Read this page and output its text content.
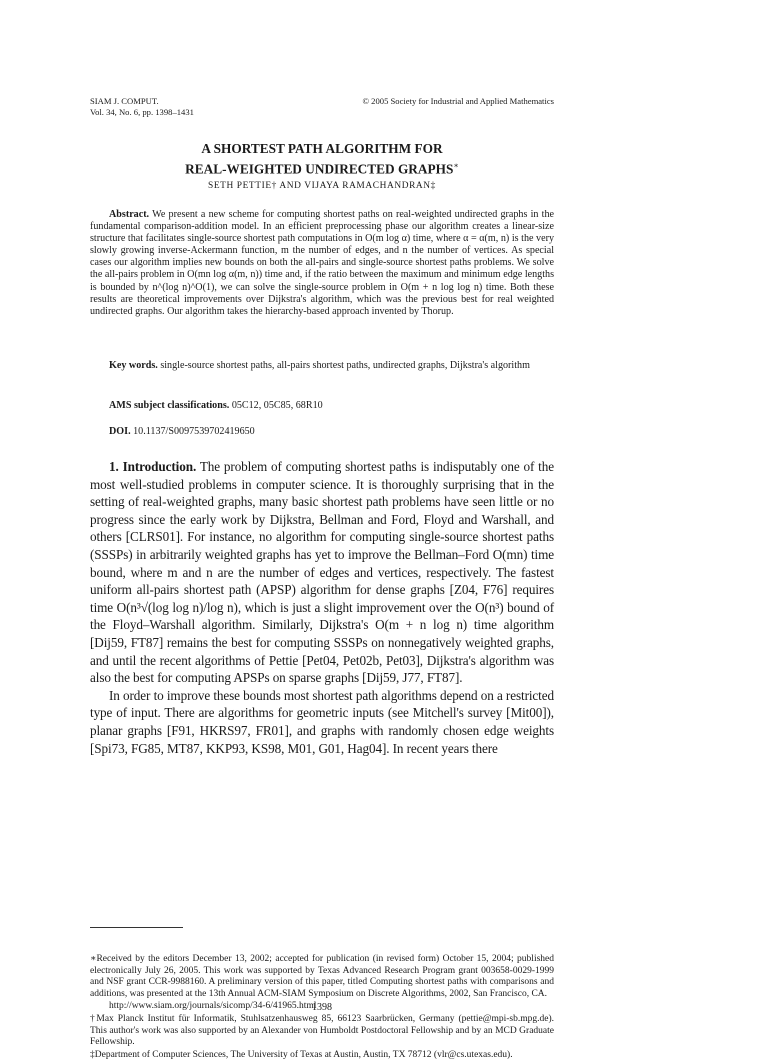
SIAM J. COMPUT.
Vol. 34, No. 6, pp. 1398–1431
© 2005 Society for Industrial and Applied Mathematics
A SHORTEST PATH ALGORITHM FOR
REAL-WEIGHTED UNDIRECTED GRAPHS∗
SETH PETTIE† AND VIJAYA RAMACHANDRAN‡
Abstract. We present a new scheme for computing shortest paths on real-weighted undirected graphs in the fundamental comparison-addition model. In an efficient preprocessing phase our algorithm creates a linear-size structure that facilitates single-source shortest path computations in O(m log α) time, where α = α(m, n) is the very slowly growing inverse-Ackermann function, m the number of edges, and n the number of vertices. As special cases our algorithm implies new bounds on both the all-pairs and single-source shortest paths problems. We solve the all-pairs problem in O(mn log α(m, n)) time and, if the ratio between the maximum and minimum edge lengths is bounded by n^(log n)^O(1), we can solve the single-source problem in O(m + n log log n) time. Both these results are theoretical improvements over Dijkstra's algorithm, which was the previous best for real weighted undirected graphs. Our algorithm takes the hierarchy-based approach invented by Thorup.
Key words. single-source shortest paths, all-pairs shortest paths, undirected graphs, Dijkstra's algorithm
AMS subject classifications. 05C12, 05C85, 68R10
DOI. 10.1137/S0097539702419650

1. Introduction. The problem of computing shortest paths is indisputably one of the most well-studied problems in computer science. It is thoroughly surprising that in the setting of real-weighted graphs, many basic shortest path problems have seen little or no progress since the early work by Dijkstra, Bellman and Ford, Floyd and Warshall, and others [CLRS01]. For instance, no algorithm for computing single-source shortest paths (SSSPs) in arbitrarily weighted graphs has yet to improve the Bellman–Ford O(mn) time bound, where m and n are the number of edges and vertices, respectively. The fastest uniform all-pairs shortest path (APSP) algorithm for dense graphs [Z04, F76] requires time O(n³√(log log n)/log n), which is just a slight improvement over the O(n³) bound of the Floyd–Warshall algorithm. Similarly, Dijkstra's O(m + n log n) time algorithm [Dij59, FT87] remains the best for computing SSSPs on nonnegatively weighted graphs, and until the recent algorithms of Pettie [Pet04, Pet02b, Pet03], Dijkstra's algorithm was also the best for computing APSPs on sparse graphs [Dij59, J77, FT87].

In order to improve these bounds most shortest path algorithms depend on a restricted type of input. There are algorithms for geometric inputs (see Mitchell's survey [Mit00]), planar graphs [F91, HKRS97, FR01], and graphs with randomly chosen edge weights [Spi73, FG85, MT87, KKP93, KS98, M01, G01, Hag04]. In recent years there

∗Received by the editors December 13, 2002; accepted for publication (in revised form) October 15, 2004; published electronically July 26, 2005. This work was supported by Texas Advanced Research Program grant 003658-0029-1999 and NSF grant CCR-9988160. A preliminary version of this paper, titled Computing shortest paths with comparisons and additions, was presented at the 13th Annual ACM-SIAM Symposium on Discrete Algorithms, 2002, San Francisco, CA.

http://www.siam.org/journals/sicomp/34-6/41965.html

†Max Planck Institut für Informatik, Stuhlsatzenhausweg 85, 66123 Saarbrücken, Germany (pettie@mpi-sb.mpg.de). This author's work was also supported by an Alexander von Humboldt Postdoctoral Fellowship and by an MCD Graduate Fellowship.

‡Department of Computer Sciences, The University of Texas at Austin, Austin, TX 78712 (vlr@cs.utexas.edu).

1398
